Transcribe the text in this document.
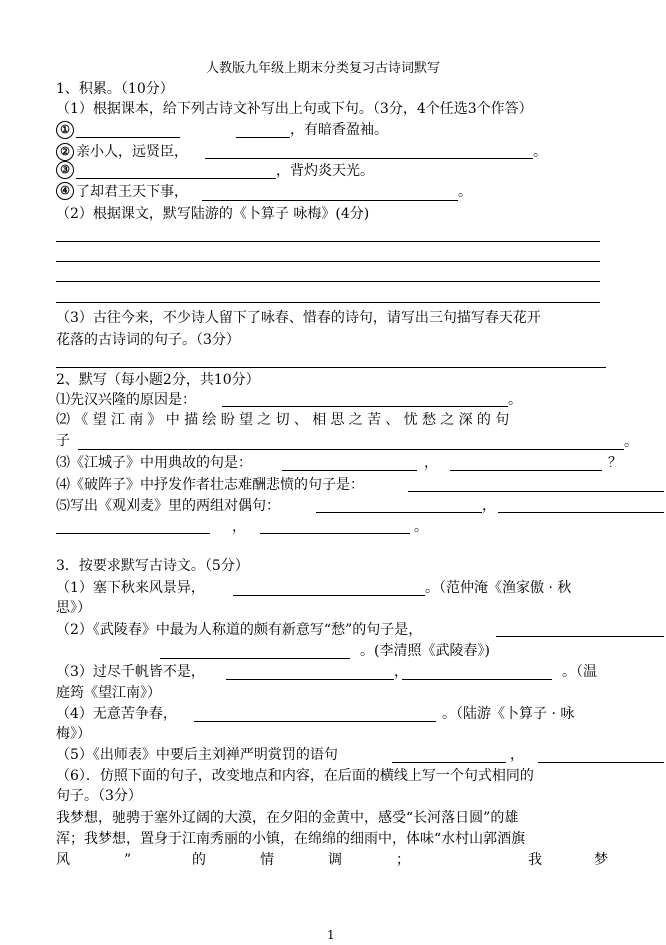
人教版九年级上期末分类复习古诗词默写
1、积累。（10分）
（1）根据课本，给下列古诗文补写出上句或下句。（3分，4个任选3个作答）
①	，有暗香盈袖。
② 亲小人，远贤臣，	。
③	，背灼炎天光。
④ 了却君王天下事，	。
（2）根据课文，默写陆游的《卜算子 咏梅》(4分)
（3）古往今来，不少诗人留下了咏春、惜春的诗句，请写出三句描写春天花开
花落的古诗词的句子。（3分）
2、默写（每小题2分，共10分）
⑴先汉兴隆的原因是：	。
⑵《望江南》中描绘盼望之切、相思之苦、忧愁之深的句
子	。
⑶《江城子》中用典故的句是：	，	？
⑷《破阵子》中抒发作者壮志难酬悲愤的句子是：
⑸写出《观刈麦》里的两组对偶句：	，
，	。
3．按要求默写古诗文。（5分）
（1）塞下秋来风景异，	。（范仲淹《渔家傲 · 秋
思》）
（2）《武陵春》中最为人称道的颇有新意写“愁”的句子是，
。(李清照《武陵春》)
（3）过尽千帆皆不是，	，	。（温
庭筠《望江南》）
（4）无意苦争春，	。（陆游《卜算子 · 咏
梅》）
（5）《出师表》中要后主刘禅严明赏罚的语句	，
（6）．仿照下面的句子，改变地点和内容，在后面的横线上写一个句式相同的
句子。（3分）
我梦想，驰骋于塞外辽阔的大漠，在夕阳的金黄中，感受“长河落日圆”的雄
浑；我梦想，置身于江南秀丽的小镇，在绵绵的细雨中，体味“水村山郭酒旗
风	”	的	情	调	；	我	梦
1
